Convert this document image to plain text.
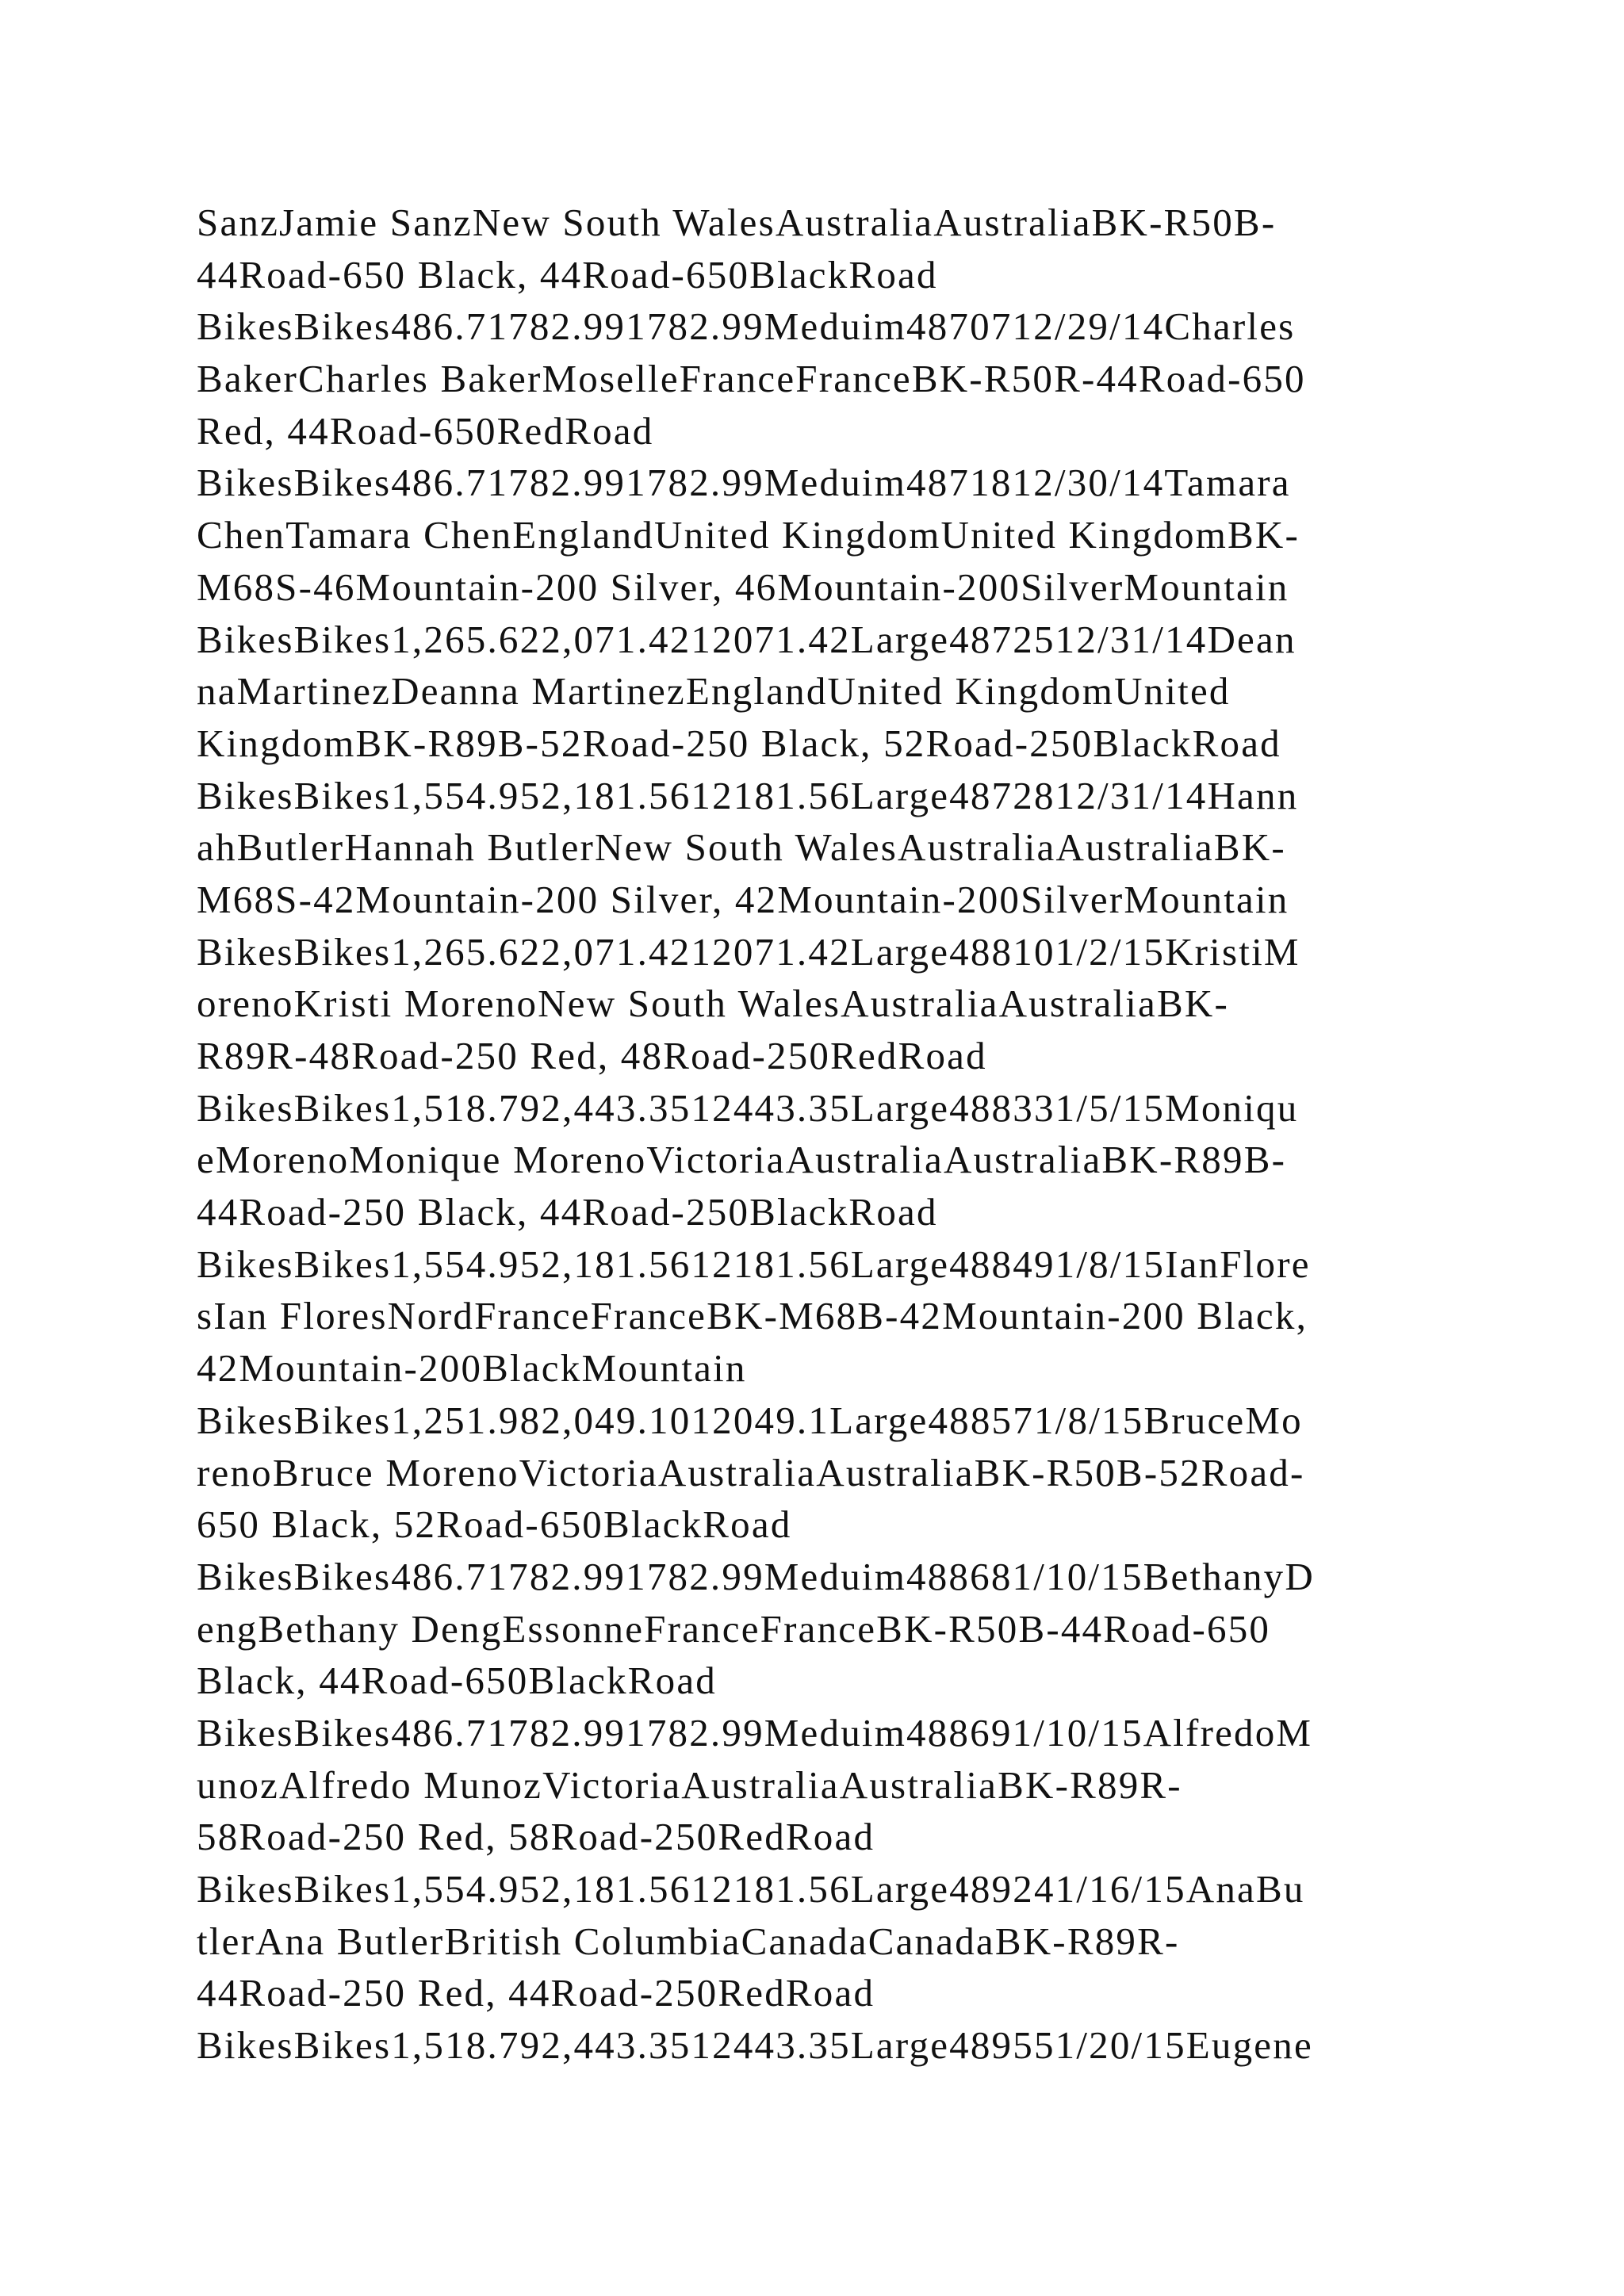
SanzJamie SanzNew South WalesAustraliaAustraliaBK-R50B-
44Road-650 Black, 44Road-650BlackRoad
BikesBikes486.71782.991782.99Meduim4870712/29/14Charles
BakerCharles BakerMoselleFranceFranceBK-R50R-44Road-650
Red, 44Road-650RedRoad
BikesBikes486.71782.991782.99Meduim4871812/30/14Tamara
ChenTamara ChenEnglandUnited KingdomUnited KingdomBK-
M68S-46Mountain-200 Silver, 46Mountain-200SilverMountain
BikesBikes1,265.622,071.4212071.42Large4872512/31/14Dean
naMartinezDeanna MartinezEnglandUnited KingdomUnited
KingdomBK-R89B-52Road-250 Black, 52Road-250BlackRoad
BikesBikes1,554.952,181.5612181.56Large4872812/31/14Hann
ahButlerHannah ButlerNew South WalesAustraliaAustraliaBK-
M68S-42Mountain-200 Silver, 42Mountain-200SilverMountain
BikesBikes1,265.622,071.4212071.42Large488101/2/15KristiM
orenoKristi MorenoNew South WalesAustraliaAustraliaBK-
R89R-48Road-250 Red, 48Road-250RedRoad
BikesBikes1,518.792,443.3512443.35Large488331/5/15Moniqu
eMorenoMonique MorenoVictoriaAustraliaAustraliaBK-R89B-
44Road-250 Black, 44Road-250BlackRoad
BikesBikes1,554.952,181.5612181.56Large488491/8/15IanFlore
sIan FloresNordFranceFranceBK-M68B-42Mountain-200 Black,
42Mountain-200BlackMountain
BikesBikes1,251.982,049.1012049.1Large488571/8/15BruceMo
renoBruce MorenoVictoriaAustraliaAustraliaBK-R50B-52Road-
650 Black, 52Road-650BlackRoad
BikesBikes486.71782.991782.99Meduim488681/10/15BethanyD
engBethany DengEssonneFranceFranceBK-R50B-44Road-650
Black, 44Road-650BlackRoad
BikesBikes486.71782.991782.99Meduim488691/10/15AlfredoM
unozAlfredo MunozVictoriaAustraliaAustraliaBK-R89R-
58Road-250 Red, 58Road-250RedRoad
BikesBikes1,554.952,181.5612181.56Large489241/16/15AnaBu
tlerAna ButlerBritish ColumbiaCanadaCanadaBK-R89R-
44Road-250 Red, 44Road-250RedRoad
BikesBikes1,518.792,443.3512443.35Large489551/20/15Eugene
